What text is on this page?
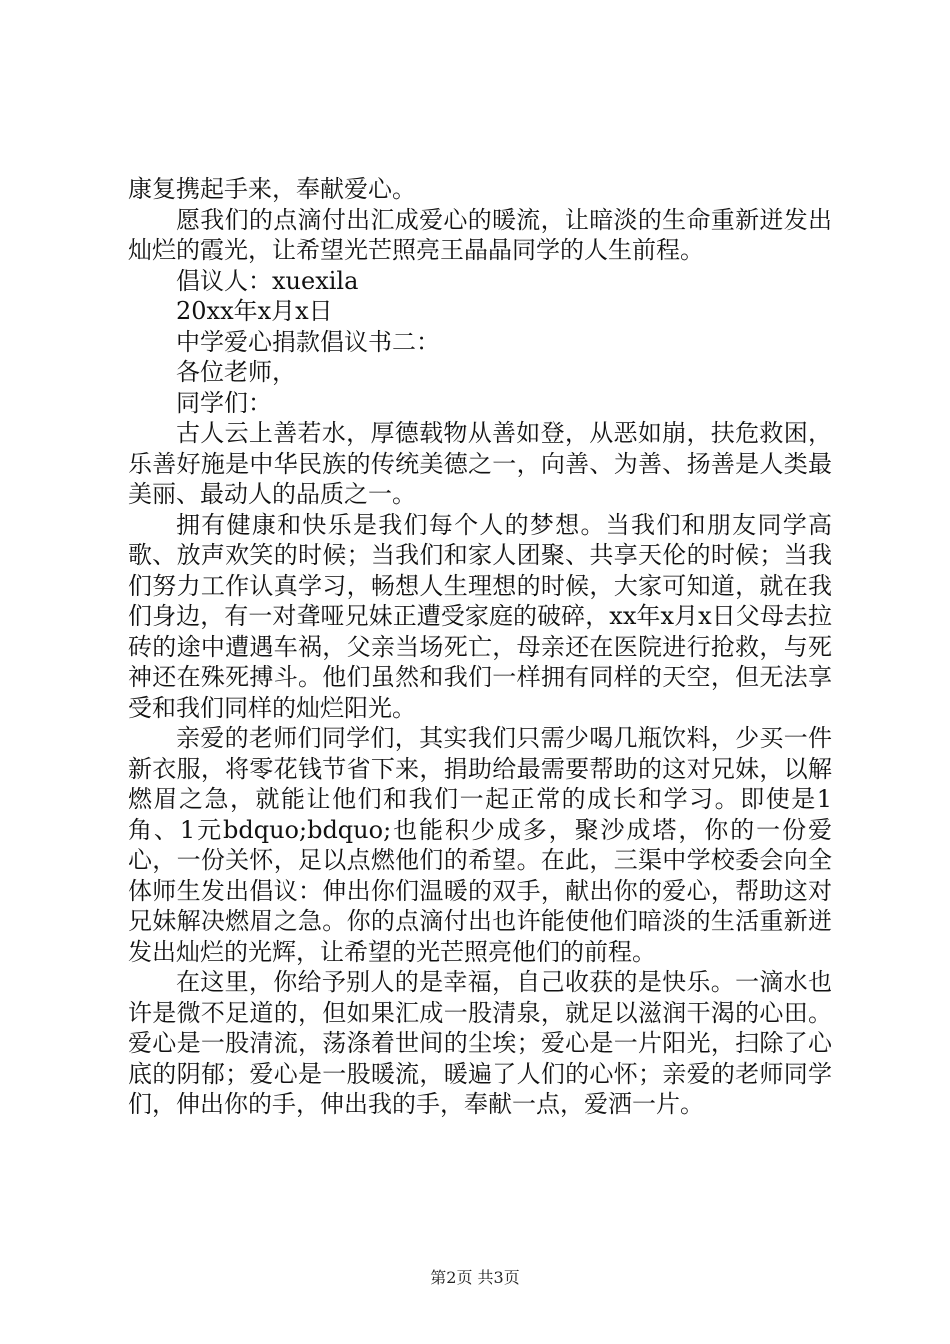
康复携起手来，奉献爱心。

愿我们的点滴付出汇成爱心的暖流，让暗淡的生命重新迸发出灿烂的霞光，让希望光芒照亮王晶晶同学的人生前程。

倡议人：xuexila

20xx年x月x日

中学爱心捐款倡议书二：

各位老师，

同学们：

古人云上善若水，厚德载物从善如登，从恶如崩，扶危救困，乐善好施是中华民族的传统美德之一，向善、为善、扬善是人类最美丽、最动人的品质之一。

拥有健康和快乐是我们每个人的梦想。当我们和朋友同学高歌、放声欢笑的时候；当我们和家人团聚、共享天伦的时候；当我们努力工作认真学习，畅想人生理想的时候，大家可知道，就在我们身边，有一对聋哑兄妹正遭受家庭的破碎，xx年x月x日父母去拉砖的途中遭遇车祸，父亲当场死亡，母亲还在医院进行抢救，与死神还在殊死搏斗。他们虽然和我们一样拥有同样的天空，但无法享受和我们同样的灿烂阳光。

亲爱的老师们同学们，其实我们只需少喝几瓶饮料，少买一件新衣服，将零花钱节省下来，捐助给最需要帮助的这对兄妹，以解燃眉之急，就能让他们和我们一起正常的成长和学习。即使是1角、1元bdquo;bdquo;也能积少成多，聚沙成塔，你的一份爱心，一份关怀，足以点燃他们的希望。在此，三渠中学校委会向全体师生发出倡议：伸出你们温暖的双手，献出你的爱心，帮助这对兄妹解决燃眉之急。你的点滴付出也许能使他们暗淡的生活重新迸发出灿烂的光辉，让希望的光芒照亮他们的前程。

在这里，你给予别人的是幸福，自己收获的是快乐。一滴水也许是微不足道的，但如果汇成一股清泉，就足以滋润干渴的心田。爱心是一股清流，荡涤着世间的尘埃；爱心是一片阳光，扫除了心底的阴郁；爱心是一股暖流，暖遍了人们的心怀；亲爱的老师同学们，伸出你的手，伸出我的手，奉献一点，爱洒一片。

第2页 共3页
